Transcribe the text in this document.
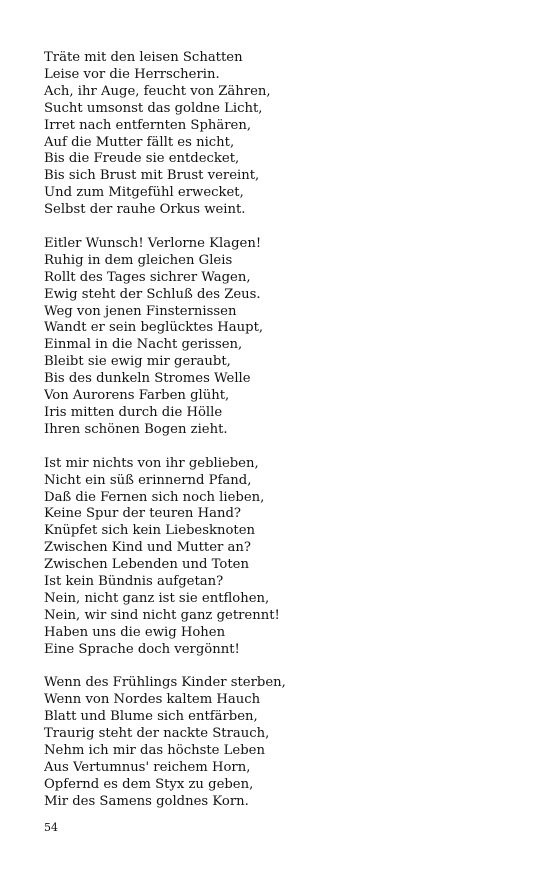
Träte mit den leisen Schatten
Leise vor die Herrscherin.
Ach, ihr Auge, feucht von Zähren,
Sucht umsonst das goldne Licht,
Irret nach entfernten Sphären,
Auf die Mutter fällt es nicht,
Bis die Freude sie entdecket,
Bis sich Brust mit Brust vereint,
Und zum Mitgefühl erwecket,
Selbst der rauhe Orkus weint.
Eitler Wunsch! Verlorne Klagen!
Ruhig in dem gleichen Gleis
Rollt des Tages sichrer Wagen,
Ewig steht der Schluß des Zeus.
Weg von jenen Finsternissen
Wandt er sein beglücktes Haupt,
Einmal in die Nacht gerissen,
Bleibt sie ewig mir geraubt,
Bis des dunkeln Stromes Welle
Von Aurorens Farben glüht,
Iris mitten durch die Hölle
Ihren schönen Bogen zieht.
Ist mir nichts von ihr geblieben,
Nicht ein süß erinnernd Pfand,
Daß die Fernen sich noch lieben,
Keine Spur der teuren Hand?
Knüpfet sich kein Liebesknoten
Zwischen Kind und Mutter an?
Zwischen Lebenden und Toten
Ist kein Bündnis aufgetan?
Nein, nicht ganz ist sie entflohen,
Nein, wir sind nicht ganz getrennt!
Haben uns die ewig Hohen
Eine Sprache doch vergönnt!
Wenn des Frühlings Kinder sterben,
Wenn von Nordes kaltem Hauch
Blatt und Blume sich entfärben,
Traurig steht der nackte Strauch,
Nehm ich mir das höchste Leben
Aus Vertumnus' reichem Horn,
Opfernd es dem Styx zu geben,
Mir des Samens goldnes Korn.
54
